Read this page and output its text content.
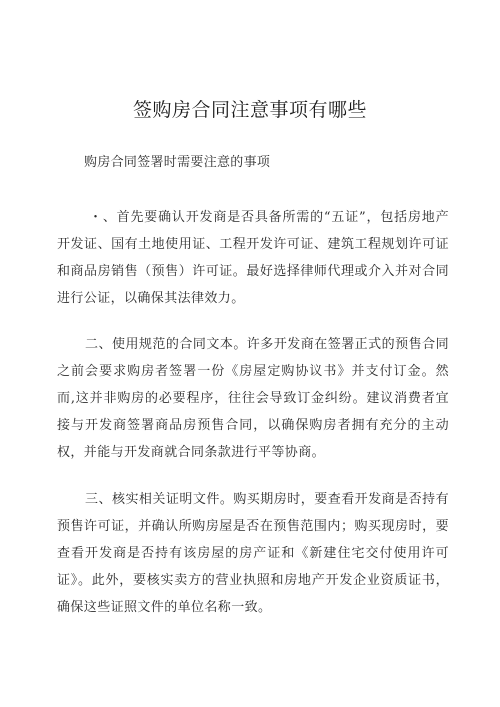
签购房合同注意事项有哪些
购房合同签署时需要注意的事项

・、首先要确认开发商是否具备所需的“五证”，包括房地产开发证、国有土地使用证、工程开发许可证、建筑工程规划许可证和商品房销售（预售）许可证。最好选择律师代理或介入并对合同进行公证，以确保其法律效力。

二、使用规范的合同文本。许多开发商在签署正式的预售合同之前会要求购房者签署一份《房屋定购协议书》并支付订金。然而,这并非购房的必要程序，往往会导致订金纠纷。建议消费者宜接与开发商签署商品房预售合同，以确保购房者拥有充分的主动权，并能与开发商就合同条款进行平等协商。

三、核实相关证明文件。购买期房时，要查看开发商是否持有预售许可证，并确认所购房屋是否在预售范围内；购买现房时，要查看开发商是否持有该房屋的房产证和《新建住宅交付使用许可证》。此外，要核实卖方的营业执照和房地产开发企业资质证书，确保这些证照文件的单位名称一致。
